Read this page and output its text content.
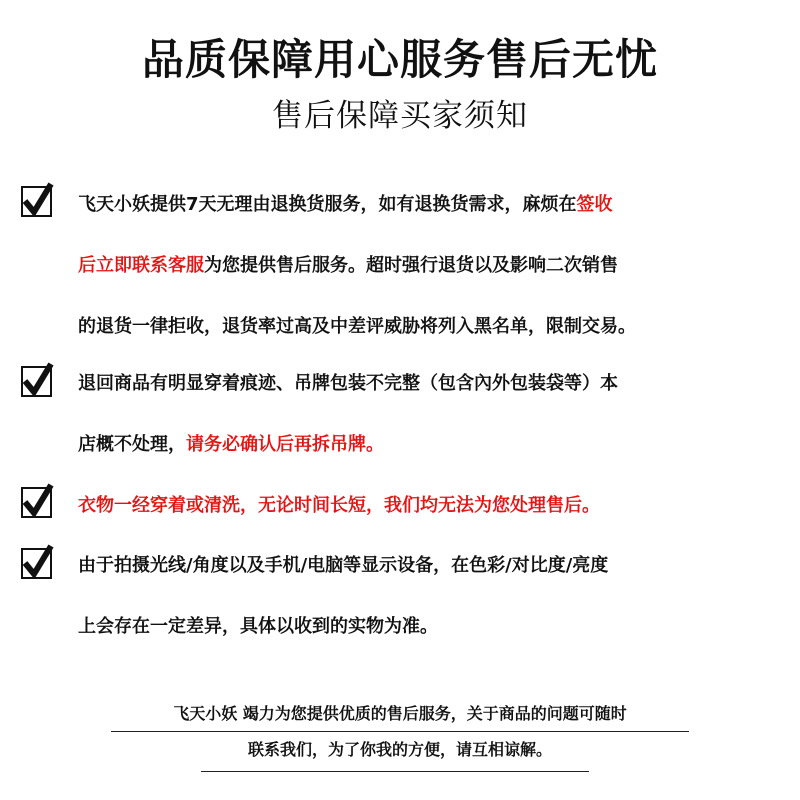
品质保障用心服务售后无忧
售后保障买家须知
飞天小妖提供7天无理由退换货服务，如有退换货需求，麻烦在签收
后立即联系客服为您提供售后服务。超时强行退货以及影响二次销售
的退货一律拒收，退货率过高及中差评威胁将列入黑名单，限制交易。
退回商品有明显穿着痕迹、吊牌包装不完整（包含內外包装袋等）本
店概不处理，请务必确认后再拆吊牌。
衣物一经穿着或清洗，无论时间长短，我们均无法为您处理售后。
由于拍摄光线/角度以及手机/电脑等显示设备，在色彩/对比度/亮度
上会存在一定差异，具体以收到的实物为准。
飞天小妖 竭力为您提供优质的售后服务，关于商品的问题可随时
联系我们，为了你我的方便，请互相谅解。
